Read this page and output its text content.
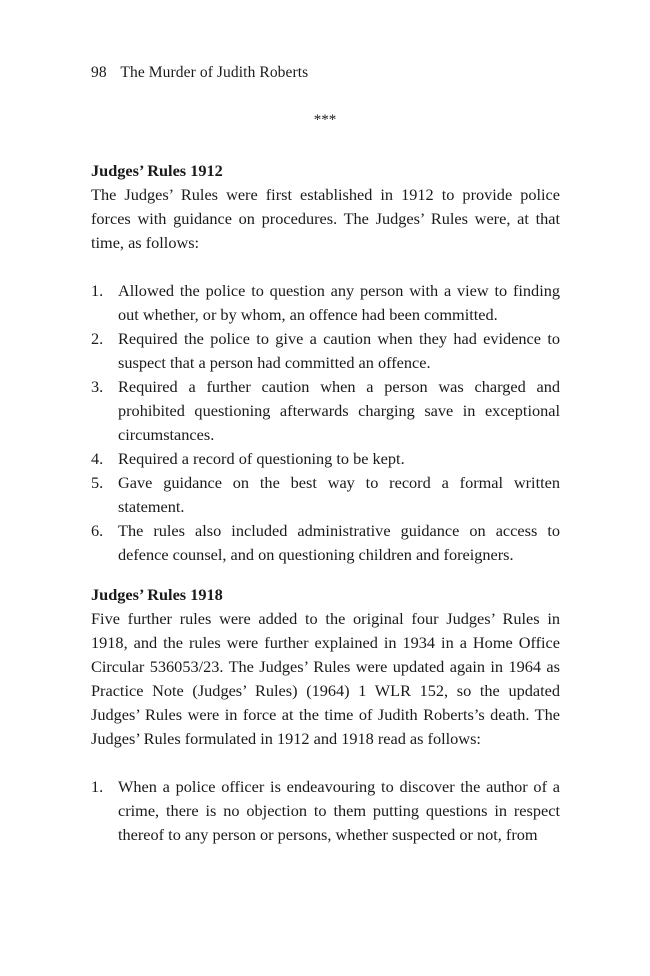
98 The Murder of Judith Roberts
***
Judges’ Rules 1912

The Judges’ Rules were first established in 1912 to provide police forces with guidance on procedures. The Judges’ Rules were, at that time, as follows:

1. Allowed the police to question any person with a view to finding out whether, or by whom, an offence had been committed.
2. Required the police to give a caution when they had evidence to suspect that a person had committed an offence.
3. Required a further caution when a person was charged and prohibited questioning afterwards charging save in exceptional circumstances.
4. Required a record of questioning to be kept.
5. Gave guidance on the best way to record a formal written statement.
6. The rules also included administrative guidance on access to defence counsel, and on questioning children and foreigners.
Judges’ Rules 1918

Five further rules were added to the original four Judges’ Rules in 1918, and the rules were further explained in 1934 in a Home Office Circular 536053/23. The Judges’ Rules were updated again in 1964 as Practice Note (Judges’ Rules) (1964) 1 WLR 152, so the updated Judges’ Rules were in force at the time of Judith Roberts’s death. The Judges’ Rules formulated in 1912 and 1918 read as follows:

1. When a police officer is endeavouring to discover the author of a crime, there is no objection to them putting questions in respect thereof to any person or persons, whether suspected or not, from
